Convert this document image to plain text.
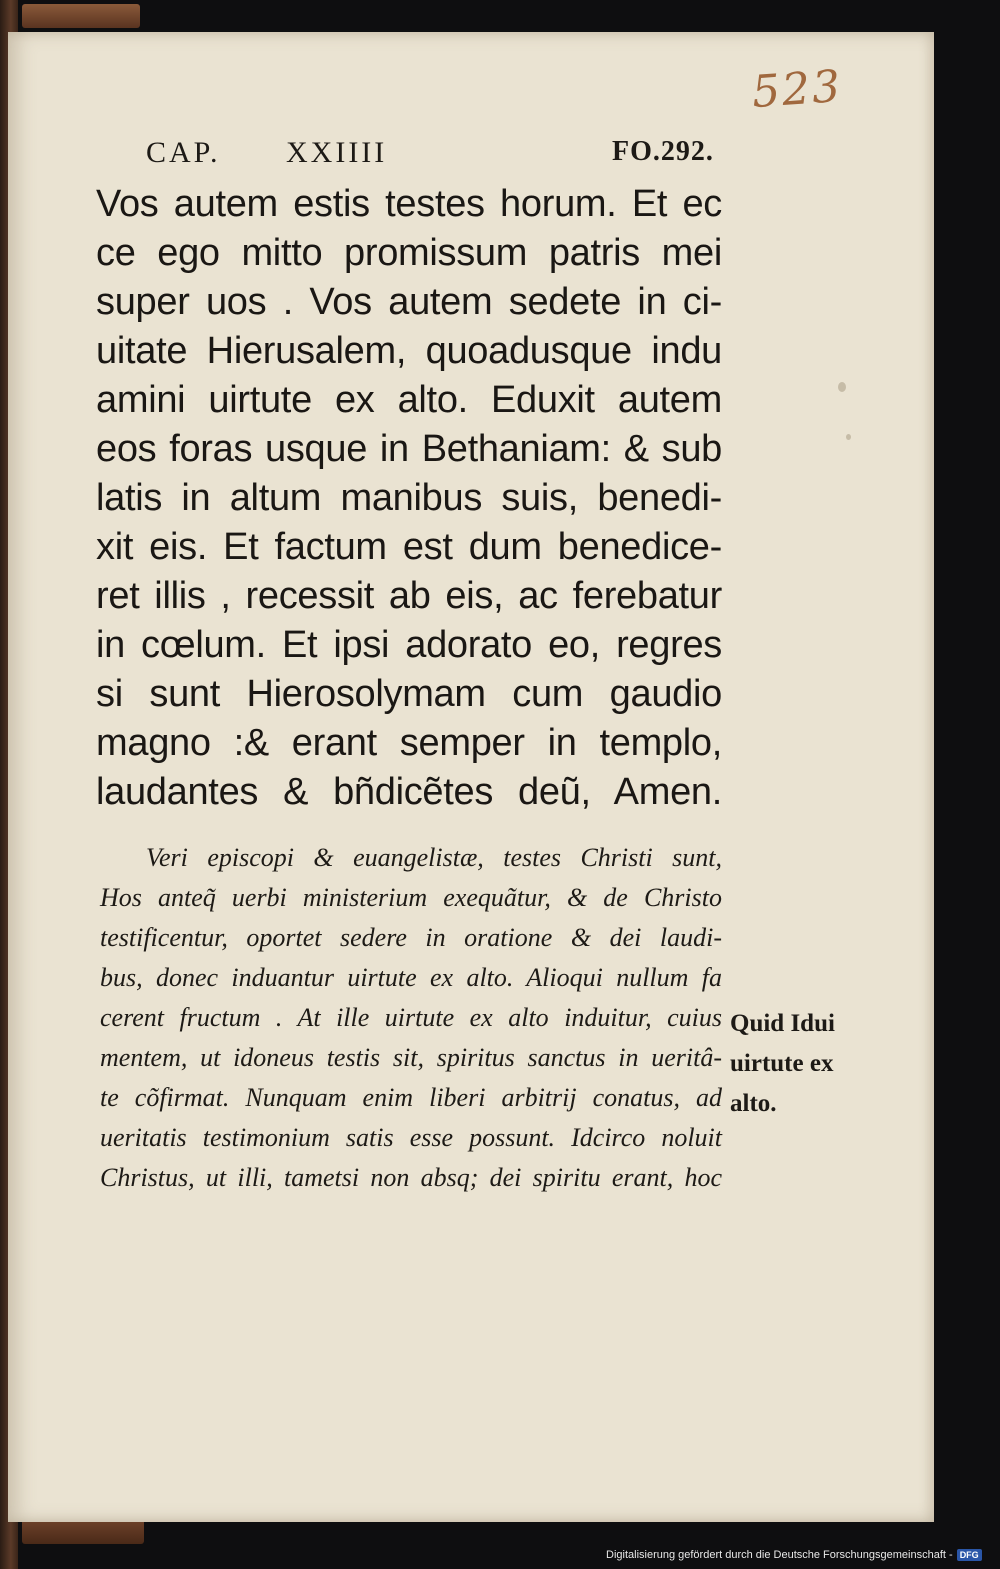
523
CAP. XXIIII	FO.292.
Vos autem estis testes horum. Et ec
ce ego mitto promissum patris mei
super uos . Vos autem sedete in ci-
uitate Hierusalem, quoadusque indu
amini uirtute ex alto. Eduxit autem
eos foras usque in Bethaniam: & sub
latis in altum manibus suis, benedi-
xit eis. Et factum est dum benedice-
ret illis , recessit ab eis, ac ferebatur
in cœlum. Et ipsi adorato eo, regres
si sunt Hierosolymam cum gaudio
magno :& erant semper in templo,
laudantes & bñdicẽtes deũ, Amen.
Veri episcopi & euangelistæ, testes Christi sunt,
Hos anteq̃ uerbi ministerium exequãtur, & de Christo
testificentur, oportet sedere in oratione & dei laudi-
bus, donec induantur uirtute ex alto. Alioqui nullum fa
cerent fructum . At ille uirtute ex alto induitur, cuius
mentem, ut idoneus testis sit, spiritus sanctus in ueritâ-
te cõfirmat. Nunquam enim liberi arbitrij conatus, ad
ueritatis testimonium satis esse possunt. Idcirco noluit
Christus, ut illi, tametsi non absq; dei spiritu erant, hoc
Quid Idui
uirtute ex
alto.
Digitalisierung gefördert durch die Deutsche Forschungsgemeinschaft - DFG
